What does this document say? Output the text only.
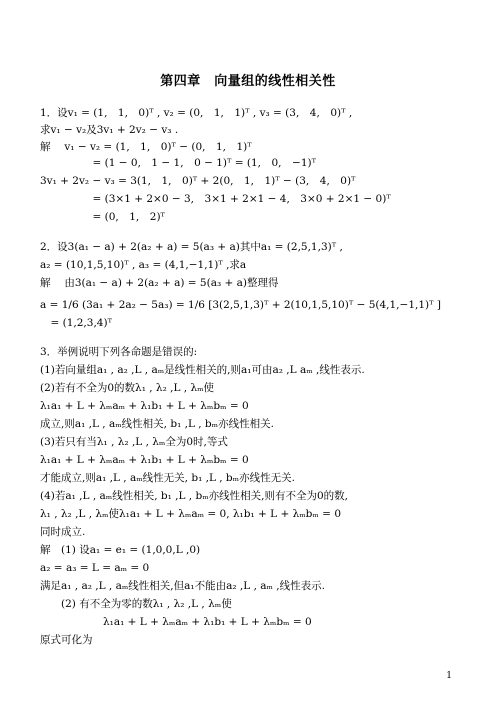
第四章　向量组的线性相关性
1．设v₁ = (1,　1,　0)ᵀ , v₂ = (0,　1,　1)ᵀ , v₃ = (3,　4,　0)ᵀ ,
求v₁ − v₂及3v₁ + 2v₂ − v₃ .
解　 v₁ − v₂ = (1,　1,　0)ᵀ − (0,　1,　1)ᵀ
　　　　　= (1 − 0,　1 − 1,　0 − 1)ᵀ = (1,　0,　−1)ᵀ
3v₁ + 2v₂ − v₃ = 3(1,　1,　0)ᵀ + 2(0,　1,　1)ᵀ − (3,　4,　0)ᵀ
　　　　　= (3×1 + 2×0 − 3,　3×1 + 2×1 − 4,　3×0 + 2×1 − 0)ᵀ
　　　　　= (0,　1,　2)ᵀ
2．设3(a₁ − a) + 2(a₂ + a) = 5(a₃ + a)其中a₁ = (2,5,1,3)ᵀ ,
a₂ = (10,1,5,10)ᵀ , a₃ = (4,1,−1,1)ᵀ ,求a
解　 由3(a₁ − a) + 2(a₂ + a) = 5(a₃ + a)整理得
a = 1/6 (3a₁ + 2a₂ − 5a₃) = 1/6 [3(2,5,1,3)ᵀ + 2(10,1,5,10)ᵀ − 5(4,1,−1,1)ᵀ ]
　= (1,2,3,4)ᵀ
3．举例说明下列各命题是错误的:
(1)若向量组a₁ , a₂ ,L , aₘ是线性相关的,则a₁可由a₂ ,L aₘ ,线性表示.
(2)若有不全为0的数λ₁ , λ₂ ,L , λₘ使
λ₁a₁ + L + λₘaₘ + λ₁b₁ + L + λₘbₘ = 0
成立,则a₁ ,L , aₘ线性相关, b₁ ,L , bₘ亦线性相关.
(3)若只有当λ₁ , λ₂ ,L , λₘ全为0时,等式
λ₁a₁ + L + λₘaₘ + λ₁b₁ + L + λₘbₘ = 0
才能成立,则a₁ ,L , aₘ线性无关, b₁ ,L , bₘ亦线性无关.
(4)若a₁ ,L , aₘ线性相关, b₁ ,L , bₘ亦线性相关,则有不全为0的数,
λ₁ , λ₂ ,L , λₘ使λ₁a₁ + L + λₘaₘ = 0, λ₁b₁ + L + λₘbₘ = 0
同时成立.
解　(1) 设a₁ = e₁ = (1,0,0,L ,0)
a₂ = a₃ = L = aₘ = 0
满足a₁ , a₂ ,L , aₘ线性相关,但a₁不能由a₂ ,L , aₘ ,线性表示.
　　(2) 有不全为零的数λ₁ , λ₂ ,L , λₘ使
　　　　　　λ₁a₁ + L + λₘaₘ + λ₁b₁ + L + λₘbₘ = 0
原式可化为
1
